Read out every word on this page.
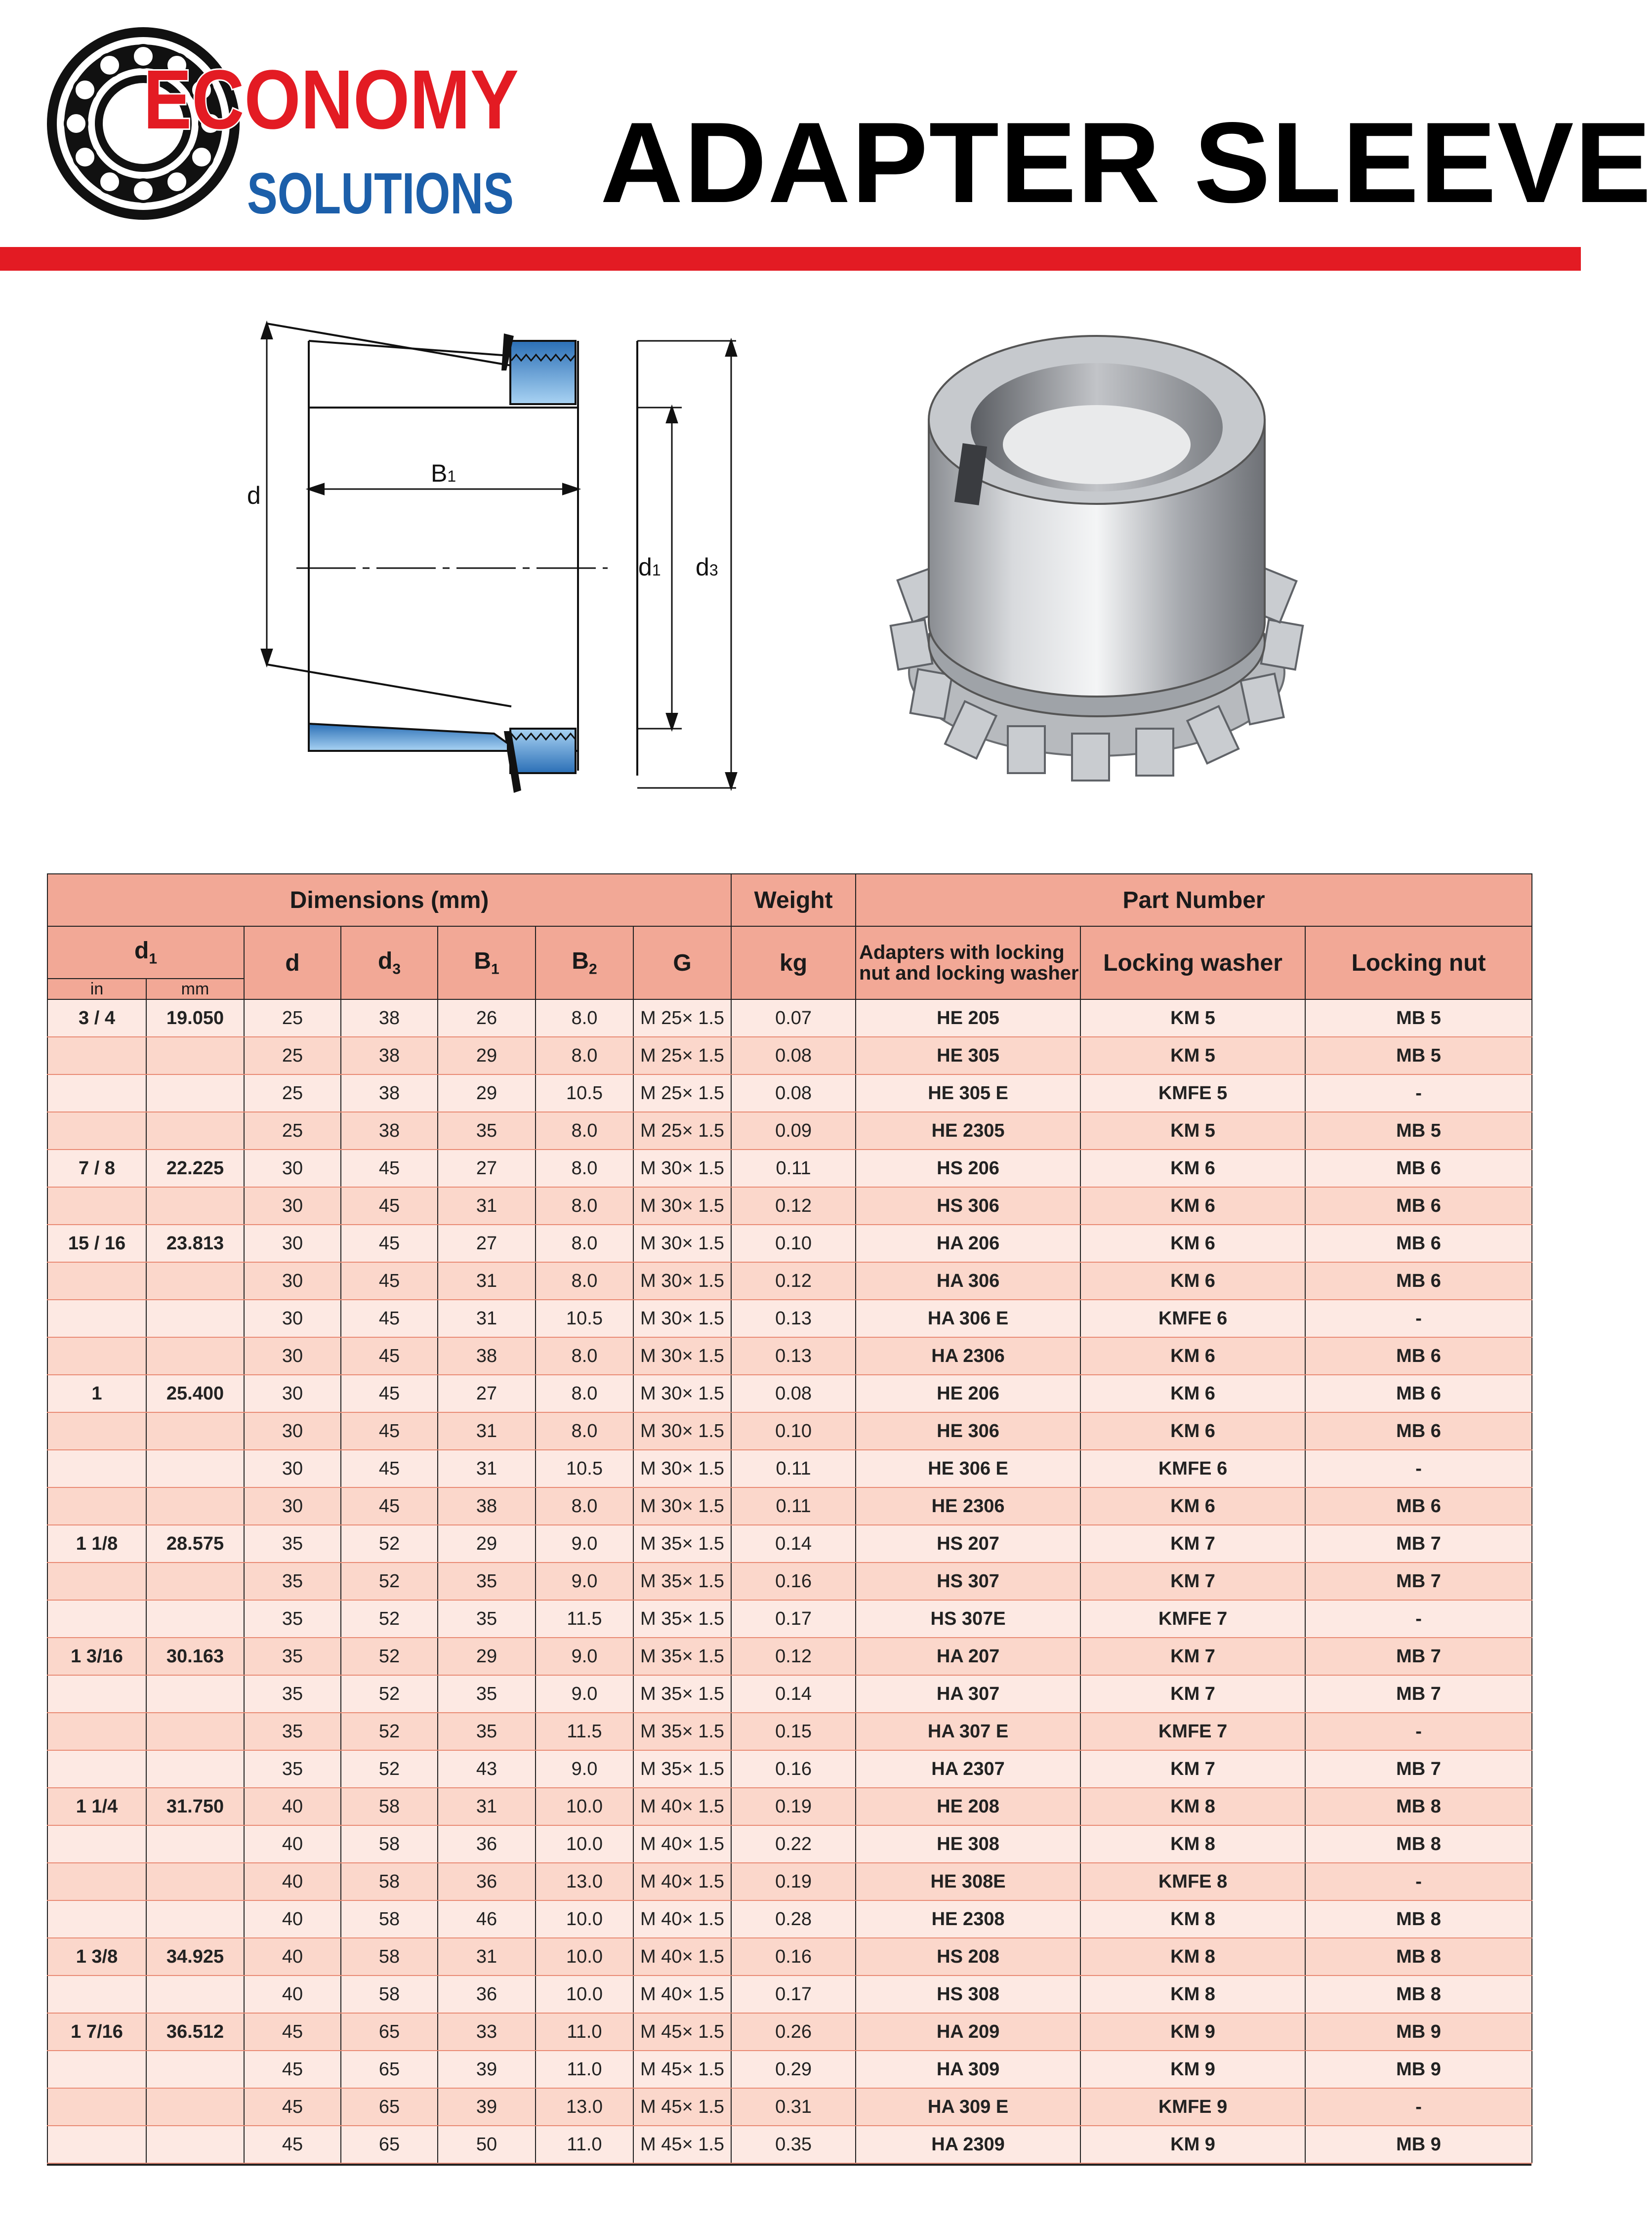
ECONOMY
SOLUTIONS ADAPTER SLEEVE
d
B1
d1 d3
Dimensions (mm)							Weight	Part Number		
$d_1$		d	$d_3$	$B_1$	$B_2$	G	kg	Adapters with locking nut and locking washer	Locking washer	Locking nut
in	mm									
3 / 4	19.050	25	38	26	8.0	M 25× 1.5	0.07	HE 205	KM 5	MB 5
		25	38	29	8.0	M 25× 1.5	0.08	HE 305	KM 5	MB 5
		25	38	29	10.5	M 25× 1.5	0.08	HE 305 E	KMFE 5	-
		25	38	35	8.0	M 25× 1.5	0.09	HE 2305	KM 5	MB 5
7 / 8	22.225	30	45	27	8.0	M 30× 1.5	0.11	HS 206	KM 6	MB 6
		30	45	31	8.0	M 30× 1.5	0.12	HS 306	KM 6	MB 6
15 / 16	23.813	30	45	27	8.0	M 30× 1.5	0.10	HA 206	KM 6	MB 6
		30	45	31	8.0	M 30× 1.5	0.12	HA 306	KM 6	MB 6
		30	45	31	10.5	M 30× 1.5	0.13	HA 306 E	KMFE 6	-
		30	45	38	8.0	M 30× 1.5	0.13	HA 2306	KM 6	MB 6
1	25.400	30	45	27	8.0	M 30× 1.5	0.08	HE 206	KM 6	MB 6
		30	45	31	8.0	M 30× 1.5	0.10	HE 306	KM 6	MB 6
		30	45	31	10.5	M 30× 1.5	0.11	HE 306 E	KMFE 6	-
		30	45	38	8.0	M 30× 1.5	0.11	HE 2306	KM 6	MB 6
1 1/8	28.575	35	52	29	9.0	M 35× 1.5	0.14	HS 207	KM 7	MB 7
		35	52	35	9.0	M 35× 1.5	0.16	HS 307	KM 7	MB 7
		35	52	35	11.5	M 35× 1.5	0.17	HS 307E	KMFE 7	-
1 3/16	30.163	35	52	29	9.0	M 35× 1.5	0.12	HA 207	KM 7	MB 7
		35	52	35	9.0	M 35× 1.5	0.14	HA 307	KM 7	MB 7
		35	52	35	11.5	M 35× 1.5	0.15	HA 307 E	KMFE 7	-
		35	52	43	9.0	M 35× 1.5	0.16	HA 2307	KM 7	MB 7
1 1/4	31.750	40	58	31	10.0	M 40× 1.5	0.19	HE 208	KM 8	MB 8
		40	58	36	10.0	M 40× 1.5	0.22	HE 308	KM 8	MB 8
		40	58	36	13.0	M 40× 1.5	0.19	HE 308E	KMFE 8	-
		40	58	46	10.0	M 40× 1.5	0.28	HE 2308	KM 8	MB 8
1 3/8	34.925	40	58	31	10.0	M 40× 1.5	0.16	HS 208	KM 8	MB 8
		40	58	36	10.0	M 40× 1.5	0.17	HS 308	KM 8	MB 8
1 7/16	36.512	45	65	33	11.0	M 45× 1.5	0.26	HA 209	KM 9	MB 9
		45	65	39	11.0	M 45× 1.5	0.29	HA 309	KM 9	MB 9
		45	65	39	13.0	M 45× 1.5	0.31	HA 309 E	KMFE 9	-
		45	65	50	11.0	M 45× 1.5	0.35	HA 2309	KM 9	MB 9
